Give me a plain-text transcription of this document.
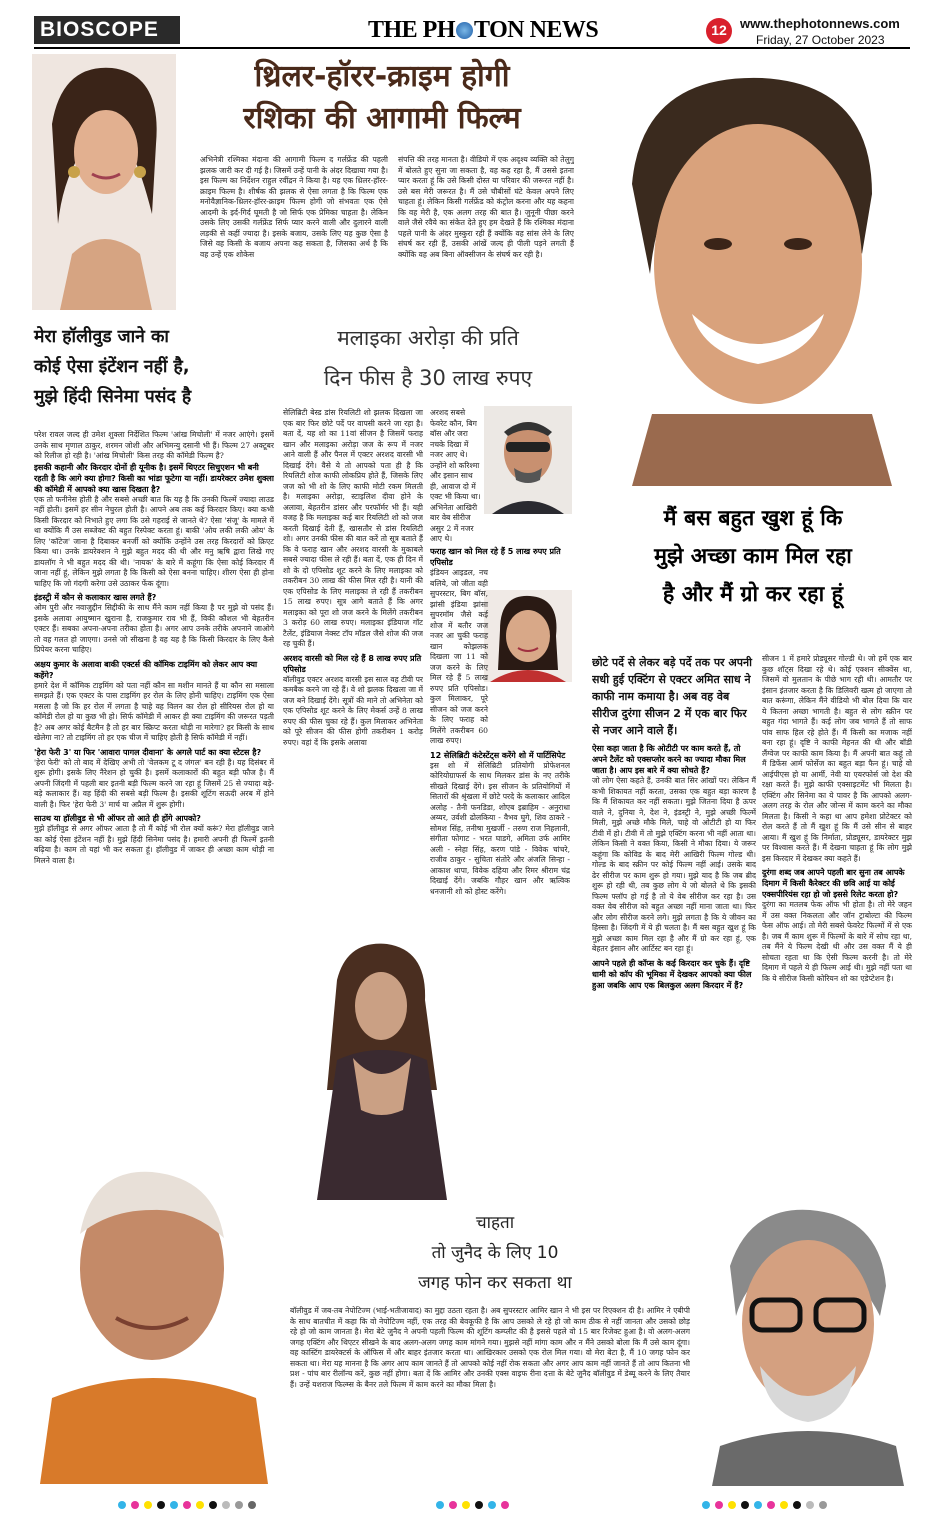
BIOSCOPE	THE PH TON NEWS	12	www.thephotonnews.com
Friday, 27 October 2023
थ्रिलर-हॉरर-क्राइम होगी
रशिका की आगामी फिल्म
अभिनेत्री रश्मिका मंदाना की आगामी फिल्म द गर्लफ्रेंड की पहली झलक जारी कर दी गई है। जिसमें उन्हें पानी के अंदर दिखाया गया है। इस फिल्म का निर्देशन राहुल रवींद्रन ने किया है। यह एक थ्रिलर-हॉरर-क्राइम फिल्म है। शीर्षक की झलक से ऐसा लगता है कि फिल्म एक मनोवैज्ञानिक-थ्रिलर-हॉरर-क्राइम फिल्म होगी जो संभवतः एक ऐसे आदमी के इर्द-गिर्द घूमती है जो सिर्फ एक प्रेमिका चाहता है। लेकिन उसके लिए उसकी गर्लफ्रेंड सिर्फ प्यार करने वाली और दुलारने वाली लड़की से कहीं ज्यादा है। इसके बजाय, उसके लिए यह कुछ ऐसा है जिसे वह किसी के बजाय अपना कह सकता है, जिसका अर्थ है कि वह उन्हें एक शोकेस
संपत्ति की तरह मानता है। वीडियो में एक अदृश्य व्यक्ति को तेलुगु में बोलते हुए सुना जा सकता है, वह कह रहा है, मैं उससे इतना प्यार करता हूं कि उसे किसी दोस्त या परिवार की जरूरत नहीं है। उसे बस मेरी जरूरत है। मैं उसे चौबीसों घंटे केवल अपने लिए चाहता हूं। लेकिन किसी गर्लफ्रेंड को कंट्रोल करना और यह कहना कि वह मेरी है, एक अलग तरह की बात है। जुनूनी पीछा करने वाले जैसे रवैये का संकेत देते हुए हम देखते हैं कि रश्मिका मंदाना पहले पानी के अंदर मुस्कुरा रही हैं क्योंकि वह सांस लेने के लिए संघर्ष कर रही हैं, उसकी आंखें जल्द ही पीली पड़ने लगती हैं क्योंकि वह अब बिना ऑक्सीजन के संघर्ष कर रही है।
मेरा हॉलीवुड जाने का
कोई ऐसा इंटेंशन नहीं है,
मुझे हिंदी सिनेमा पसंद है
परेश रावल जल्द ही उमेश शुक्ला निर्देशित फिल्म 'आंख मिचोली' में नजर आएंगे। इसमें उनके साथ मृणाल ठाकुर, शरमन जोशी और अभिमन्यु दसानी भी हैं। फिल्म 27 अक्टूबर को रिलीज हो रही है। 'आंख मिचोली' किस तरह की कॉमेडी फिल्म है?
इसकी कहानी और किरदार दोनों ही यूनीक है। इसमें थिएटर सिचुएशन भी बनी रहती है कि आगे क्या होगा? किसी का भांडा फूटेगा या नहीं। डायरेक्टर उमेश शुक्ला की कॉमेडी में आपको क्या खास दिखता है?
एक तो फनीनेस होती है और सबसे अच्छी बात कि यह है कि उनकी फिल्में ज्यादा लाउड नहीं होती। इसमें हर सीन नेचुरल होती है। आपने अब तक कई किरदार किए। क्या कभी किसी किरदार को निभाते हुए लगा कि उसे गहराई से जानते थे? ऐसा 'संजू' के मामले में था क्योंकि मैं उस सब्जेक्ट की बहुत रिस्पेक्ट करता हूं। बाकी 'ओय लकी लकी ओय' के लिए 'कॉटेज' जाना है दिबाकर बनर्जी को क्योंकि उन्होंने उस तरह किरदारों को क्रिएट किया था। उनके डायरेक्शन ने मुझे बहुत मदद की थी और मनु ऋषि द्वारा लिखे गए डायलॉग ने भी बहुत मदद की थी। 'नायक' के बारे में कहूंगा कि ऐसा कोई किरदार मैं जाना नहीं हूं, लेकिन मुझे लगता है कि किसी को ऐसा बनना चाहिए। शीरग ऐसा ही होना चाहिए कि जो गंदगी करेगा उसे उठाकर फेंक दूंगा।
इंडस्ट्री में कौन से कलाकार खास लगते हैं?
ओम पुरी और नवाजुद्दीन सिद्दीकी के साथ मैंने काम नहीं किया है पर मुझे वो पसंद हैं। इसके अलावा आयुष्मान खुराना है, राजकुमार राव भी हैं, विकी कौशल भी बेहतरीन एक्टर हैं। सबका अपना-अपना तरीका होता है। अगर आप उनके तरीके अपनाने जाओगे तो वह गलत हो जाएगा। उनसे जो सीखना है वह यह है कि किसी किरदार के लिए कैसे प्रिपेयर करना चाहिए।
अक्षय कुमार के अलावा बाकी एक्टर्स की कॉमिक टाइमिंग को लेकर आप क्या कहेंगे?
हमारे देश में कॉमिक टाइमिंग को पता नहीं कौन सा मशीन मानते हैं या कौन सा मसाला समझते हैं। एक एक्टर के पास टाइमिंग हर रोल के लिए होनी चाहिए। टाइमिंग एक ऐसा मसला है जो कि हर रोल में लगता है चाहे वह विलन का रोल हो सीरियस रोल हो या कॉमेडी रोल हो या कुछ भी हो। सिर्फ कॉमेडी में आकर ही क्या टाइमिंग की जरूरत पड़ती है? अब अगर कोई बैटमैन है तो हर बार स्क्रिप्ट करता थोड़ी ना मारेगा? हर किसी के साथ खेलेगा ना? तो टाइमिंग तो हर एक चीज में चाहिए होती है सिर्फ कॉमेडी में नहीं।
'हेरा फेरी 3' या फिर 'आवारा पागल दीवाना' के अगले पार्ट का क्या स्टेटस है?
'हेरा फेरी' को तो बाद में देखिए अभी तो 'वेलकम टू द जंगल' बन रही है। यह दिसंबर में शुरू होगी। इसके लिए नैरेशन हो चुकी है। इसमें कलाकारों की बहुत बड़ी फौज है। मैं अपनी जिंदगी में पहली बार इतनी बड़ी फिल्म करने जा रहा हूं जिसमें 25 से ज्यादा बड़े-बड़े कलाकार हैं। वह हिंदी की सबसे बड़ी फिल्म है। इसकी शूटिंग सऊदी अरब में होने वाली है। फिर 'हेरा फेरी 3' मार्च या अप्रैल में शुरू होगी।
साउथ या हॉलीवुड से भी ऑफर तो आते ही होंगे आपको?
मुझे हॉलीवुड से अगर ऑफर आता है तो मैं कोई भी रोल क्यों करूं? मेरा हॉलीवुड जाने का कोई ऐसा इंटेंशन नहीं है। मुझे हिंदी सिनेमा पसंद है। हमारी अपनी ही फिल्में इतनी बढ़िया है। काम तो यहां भी कर सकता हूं। हॉलीवुड में जाकर ही अच्छा काम थोड़ी ना मिलने वाला है।
मलाइका अरोड़ा की प्रति
दिन फीस है 30 लाख रुपए
सेलिब्रिटी बेस्ड डांस रियलिटी शो झलक दिखला जा एक बार फिर छोटे पर्दे पर वापसी करने जा रहा है। बता दें, यह शो का 11वां सीजन है जिसमें फराह खान और मलाइका अरोड़ा जज के रूप में नजर आने वाली हैं और पैनल में एक्टर अरशद वारसी भी दिखाई देंगे। वैसे ये तो आपको पता ही है कि रियलिटी शोज काफी लोकप्रिय होते हैं, जिसके लिए जज को भी शो के लिए काफी मोटी रकम मिलती है। मलाइका अरोड़ा, स्टाइलिश दीवा होने के अलावा, बेहतरीन डांसर और परफॉर्मर भी हैं। यही वजह है कि मलाइका कई बार रियलिटी शो को जज करती दिखाई देती हैं, खासतौर से डांस रियलिटी शो। अगर उनकी फीस की बात करें तो सूत्र बताते हैं कि वे फराह खान और अरशद वारसी के मुकाबले सबसे ज्यादा फीस ले रही हैं। बता दें, एक ही दिन में शो के दो एपिसोड शूट करने के लिए मलाइका को तकरीबन 30 लाख की फीस मिल रही है। यानी की एक एपिसोड के लिए मलाइका ले रही हैं तकरीबन 15 लाख रुपए। सूत्र आगे बताते हैं कि अगर मलाइका को पूरा शो जज करने के मिलेंगे तकरीबन 3 करोड़ 60 लाख रुपए। मलाइका इंडियाज गॉट टैलेंट, इंडियाज नेक्स्ट टॉप मॉडल जैसे शोज की जज रह चुकी हैं।
अरशद वारसी को मिल रहे हैं 8 लाख रुपए प्रति एपिसोड
बॉलीवुड एक्टर अरशद वारसी इस साल वह टीवी पर कमबैक करने जा रहे हैं। वे शो झलक दिखला जा में जज बने दिखाई देंगे। सूत्रों की माने तो अभिनेता को एक एपिसोड शूट करने के लिए मेकर्स उन्हें 8 लाख रुपए की फीस चुका रहे हैं। कुल मिलाकर अभिनेता को पूरे सीजन की फीस होगी तकरीबन 1 करोड़ रुपए। वहां दें कि इसके अलावा
अरशद सबसे फेवरेट कौन, बिग बॉस और जरा नचके दिखा में नजर आए थे। उन्होंने शो करिश्मा और इसान साथ ही, आवाज दो में एक्ट भी किया था। अभिनेता आखिरी बार वेब सीरीज असुर 2 में नजर आए थे।
फराह खान को मिल रहे हैं 5 लाख रुपए प्रति एपिसोड
इंडियन आइडल, नच बलिये, जो जीता वही सुपरस्टार, बिग बॉस, झांसी इंडिया झांसा सुपरमॉम जैसे कई शोज में बतौर जज नजर आ चुकी फराह खान कोझलक दिखला जा 11 को जज करने के लिए मिल रहे हैं 5 लाख रुपए प्रति एपिसोड। कुल मिलाकर, पूरे सीजन को जज करने के लिए फराह को मिलेंगे तकरीबन 60 लाख रुपए।
12 सेलिब्रिटी कंटेस्टेंट्स करेंगे शो में पार्टिसिपेट
इस शो में सेलिब्रिटी प्रतियोगी प्रोफेशनल कोरियोग्राफर्स के साथ मिलकर डांस के नए तरीके सीखते दिखाई देंगे। इस सीजन के प्रतियोगियों में सितारों की श्रृंखला में छोटे परदे के कलाकार आदिल अलोह - तैनी फनडिडा, शोएब इब्राहिम - अनुराधा अय्यर, उर्वशी ढोलकिया - वैभव घुगे, शिव ठाकरे - सोमश सिंह, तनीषा मुखर्जी - तरुण राज निहलानी, संगीता फोगाट - भरत घाडगे, अमिता उर्फ आमिर अली - स्नेहा सिंह, करण पांडे - विवेक चांचरे, राजीव ठाकुर - सुचिता संतोरे और अंजलि सिन्हा - आकाश थापा, विवेक दहिया और रिमर श्रीराम चंद्र दिखाई देंगे। जबकि गौहर खान और ऋत्विक धनजानी शो को होस्ट करेंगे।
मैं बस बहुत खुश हूं कि
मुझे अच्छा काम मिल रहा
है और मैं ग्रो कर रहा हूं
छोटे पर्दे से लेकर बड़े पर्दे तक पर अपनी सधी हुई एक्टिंग से एक्टर अमित साध ने काफी नाम कमाया है। अब वह वेब सीरीज दुरंगा सीजन 2 में एक बार फिर से नजर आने वाले हैं।
ऐसा कहा जाता है कि ओटीटी पर काम करते हैं, तो अपने टैलेंट को एक्सप्लोर करने का ज्यादा मौका मिल जाता है। आप इस बारे में क्या सोचते हैं?
जो लोग ऐसा कहते हैं, उनकी बात सिर आंखों पर। लेकिन मैं कभी शिकायत नहीं करता, उसका एक बहुत बड़ा कारण है कि मैं शिकायत कर नहीं सकता। मुझे जितना दिया है ऊपर वाले ने, दुनिया ने, देश ने, इंडस्ट्री ने, मुझे अच्छी फिल्में मिली, मुझे अच्छे मौके मिले, चाहे वो ओटीटी हो या फिर टीवी में हो। टीवी में तो मुझे एक्टिंग करना भी नहीं आता था। लेकिन किसी ने वक्त किया, किसी ने मौका दिया। ये जरूर कहूंगा कि कोविड के बाद मेरी आखिरी फिल्म गोल्ड थी। गोल्ड के बाद स्क्रीन पर कोई फिल्म नहीं आई। उसके बाद ढेर सीरीज पर काम शुरू हो गया। मुझे याद है कि जब ब्रीद शुरू हो रही थी, तब कुछ लोग ये जो बोलते थे कि इसकी फिल्म फ्लॉप हो गई है तो ये वेब सीरीज कर रहा है। उस वक्त वेब सीरीज को बहुत अच्छा नहीं माना जाता था। फिर और लोग सीरीज करने लगे। मुझे लगता है कि ये जीवन का हिस्सा है। जिंदगी में ये ही चलता है। मैं बस बहुत खुश हूं कि मुझे अच्छा काम मिल रहा है और मैं ग्रो कर रहा हूं, एक बेहतर इंसान और आर्टिस्ट बन रहा हूं।
आपने पहले ही कॉप्स के कई किरदार कर चुके हैं। दृष्टि धामी को कॉप की भूमिका में देखकर आपको क्या फील हुआ जबकि आप एक बिलकुल अलग किरदार में हैं?
सीजन 1 में हमारे प्रोड्यूसर गोल्डी थे। जो हमें एक बार कुछ शॉट्स दिखा रहे थे। कोई एक्शन सीक्वेंस था, जिसमें वो मुलतान के पीछे भाग रही थी। आमतौर पर इंसान इंतजार करता है कि डिलिवरी खत्म हो जाएगा तो बात करूंगा, लेकिन मैंने वीडियो भी बोल दिया कि यार ये कितना अच्छा भागती है। बहुत से लोग स्क्रीन पर बहुत गंदा भागते हैं। कई लोग जब भागते हैं तो साफ पांव साफ हिल रहे होते हैं। मैं किसी का मजाक नहीं बना रहा हूं। दृष्टि ने काफी मेहनत की थी और बॉडी लैंग्वेज पर काफी काम किया है। मैं अपनी बात कहूं तो मैं डिफेंस आर्म फोर्सेज का बहुत बड़ा फैन हूं। चाहे वो आईपीएस हो या आर्मी, नेवी या एयरफोर्स जो देश की रक्षा करते हैं। मुझे काफी एक्साइटमेंट भी मिलता है। एक्टिंग और सिनेमा का ये पावर है कि आपको अलग-अलग तरह के रोल और जोन्स में काम करने का मौका मिलता है। किसी ने कहा था आप हमेशा प्रोटेक्टर को रोल करते हैं तो मैं खुश हूं कि मैं उसे सीन से बाहर आया। मैं खुश हूं कि निर्माता, प्रोड्यूसर, डायरेक्टर मुझ पर विश्वास करते हैं। मैं देखना चाहता हूं कि लोग मुझे इस किरदार में देखकर क्या कहते हैं।
दुरंगा शब्द जब आपने पहली बार सुना तब आपके दिमाग में किसी कैरेक्टर की छवि आई या कोई एक्सपीरियंस रहा हो जो इससे रिलेट करता हो?
दुरंगा का मतलब फेक ऑफ भी होता है। तो मेरे जहन में उस वक्त निकलता और जॉन ट्राबोल्टा की फिल्म फेस ऑफ आई। तो मेरी सबसे फेवरेट फिल्मों में से एक है। जब मैं काम शुरू में फिल्मों के बारे में सोच रहा था, तब मैंने ये फिल्म देखी थी और उस वक्त मैं ये ही सोचता रहता था कि ऐसी फिल्म करनी है। तो मेरे दिमाग में पहले ये ही फिल्म आई थी। मुझे नहीं पता था कि ये सीरीज किसी कोरियन शो का एडेप्टेशन है।
चाहता
तो जुनैद के लिए 10
जगह फोन कर सकता था
बॉलीवुड में जब-तब नेपोटिज्म (भाई-भतीजावाद) का मुद्दा उठता रहता है। अब सुपरस्टार आमिर खान ने भी इस पर रिएक्शन दी है। आमिर ने एबीपी के साथ बातचीत में कहा कि वो नेपोटिज्म नहीं, एक तरह की बेवकूफी है कि आप उसको ले रहे हो जो काम ठीक से नहीं जानता और उसको छोड़ रहे हो जो काम जानता है। मेरा बेटे जुनैद ने अपनी पहली फिल्म की शूटिंग कम्प्लीट की है इससे पहले वो 15 बार रिजेक्ट हुआ है। वो अलग-अलग जगह एक्टिंग और थिएटर सीखने के बाद अलग-अलग जगह काम मांगने गया। मुझसे नहीं मांगा काम और न मैंने उसको बोला कि मैं उसे काम दूंगा। वह कास्टिंग डायरेक्टर्स के ऑफिस में और बाहर इंतजार करता था। आखिरकार उसको एक रोल मिल गया। वो मेरा बेटा है, मैं 10 जगह फोन कर सकता था। मेरा यह मानना है कि अगर आप काम जानते हैं तो आपको कोई नहीं रोक सकता और अगर आप काम नहीं जानते हैं तो आप कितना भी प्रश - पांच बार रीलॉन्च करें, कुछ नहीं होगा। बता दें कि आमिर और उनकी एक्स वाइफ रीना दत्ता के बेटे जुनैद बॉलीवुड में डेब्यू करने के लिए तैयार हैं। उन्हें यशराज फिल्म्स के बैनर तले फिल्म में काम करने का मौका मिला है।
